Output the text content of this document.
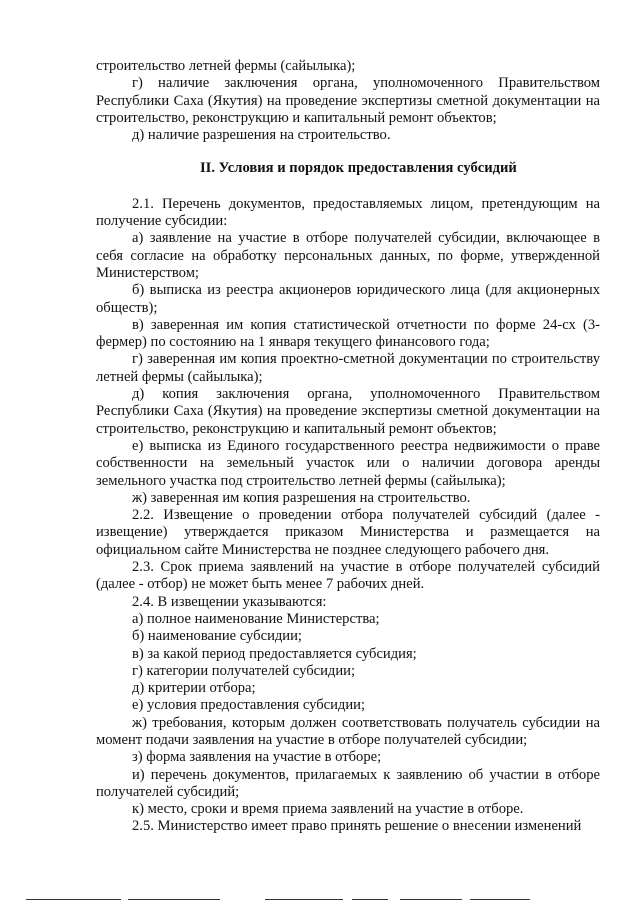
строительство летней фермы (сайылыка);

г) наличие заключения органа, уполномоченного Правительством Республики Саха (Якутия) на проведение экспертизы сметной документации на строительство, реконструкцию и капитальный ремонт объектов;

д) наличие разрешения на строительство.

II. Условия и порядок предоставления субсидий

2.1. Перечень документов, предоставляемых лицом, претендующим на получение субсидии:

а) заявление на участие в отборе получателей субсидии, включающее в себя согласие на обработку персональных данных, по форме, утвержденной Министерством;

б) выписка из реестра акционеров юридического лица (для акционерных обществ);

в) заверенная им копия статистической отчетности по форме 24-сх (3-фермер) по состоянию на 1 января текущего финансового года;

г) заверенная им копия проектно-сметной документации по строительству летней фермы (сайылыка);

д) копия заключения органа, уполномоченного Правительством Республики Саха (Якутия) на проведение экспертизы сметной документации на строительство, реконструкцию и капитальный ремонт объектов;

е) выписка из Единого государственного реестра недвижимости о праве собственности на земельный участок или о наличии договора аренды земельного участка под строительство летней фермы (сайылыка);

ж) заверенная им копия разрешения на строительство.

2.2. Извещение о проведении отбора получателей субсидий (далее - извещение) утверждается приказом Министерства и размещается на официальном сайте Министерства не позднее следующего рабочего дня.

2.3. Срок приема заявлений на участие в отборе получателей субсидий (далее - отбор) не может быть менее 7 рабочих дней.

2.4. В извещении указываются:

а) полное наименование Министерства;

б) наименование субсидии;

в) за какой период предоставляется субсидия;

г) категории получателей субсидии;

д) критерии отбора;

е) условия предоставления субсидии;

ж) требования, которым должен соответствовать получатель субсидии на момент подачи заявления на участие в отборе получателей субсидии;

з) форма заявления на участие в отборе;

и) перечень документов, прилагаемых к заявлению об участии в отборе получателей субсидий;

к) место, сроки и время приема заявлений на участие в отборе.

2.5. Министерство имеет право принять решение о внесении изменений
